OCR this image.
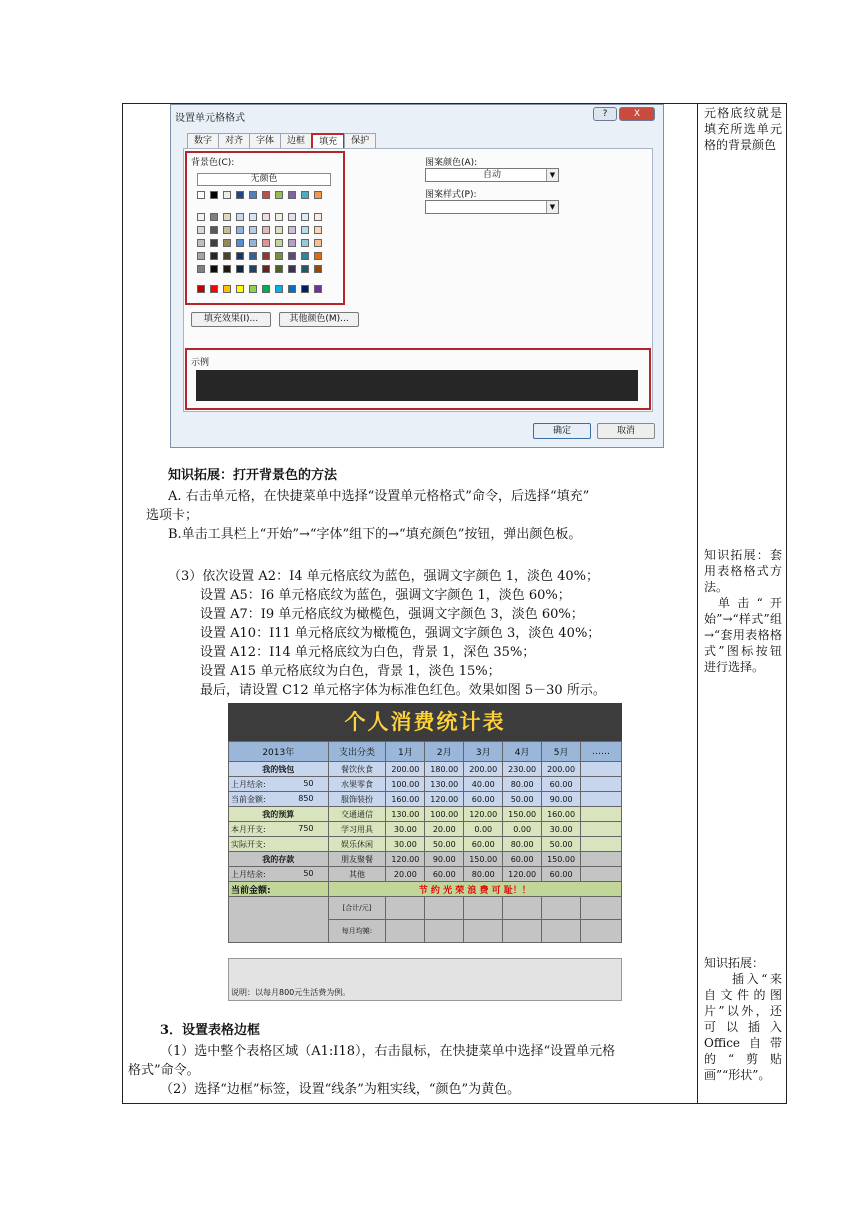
元格底纹就是填充所选单元格的背景颜色
知识拓展：套用表格格式方法。
单击“开始”→“样式”组→“套用表格格式”图标按钮进行选择。
知识拓展：
插入“来自文件的图片”以外，还可以插入Office自带的“剪贴画”“形状”。
设置单元格格式	?	X
数字	对齐	字体	边框	填充	保护
背景色(C):
无颜色
图案颜色(A):
自动	▼
图案样式(P):
▼
填充效果(I)...	其他颜色(M)...
示例
确定	取消
知识拓展：打开背景色的方法
A. 右击单元格，在快捷菜单中选择“设置单元格格式”命令，后选择“填充”
选项卡；
B.单击工具栏上“开始”→“字体”组下的→“填充颜色”按钮，弹出颜色板。
（3）依次设置 A2：I4 单元格底纹为蓝色，强调文字颜色 1，淡色 40%；
设置 A5：I6 单元格底纹为蓝色，强调文字颜色 1，淡色 60%；
设置 A7：I9 单元格底纹为橄榄色，强调文字颜色 3，淡色 60%；
设置 A10：I11 单元格底纹为橄榄色，强调文字颜色 3，淡色 40%；
设置 A12：I14 单元格底纹为白色，背景 1，深色 35%；
设置 A15 单元格底纹为白色，背景 1，淡色 15%；
最后，请设置 C12 单元格字体为标准色红色。效果如图 5－30 所示。
个人消费统计表
2013年	支出分类	1月	2月	3月	4月	5月	……
我的钱包	餐饮伙食	200.00	180.00	200.00	230.00	200.00	
上月结余: 50	水果零食	100.00	130.00	40.00	80.00	60.00	
当前金额: 850	服饰装扮	160.00	120.00	60.00	50.00	90.00	
我的预算	交通通信	130.00	100.00	120.00	150.00	160.00	
本月开支: 750	学习用具	30.00	20.00	0.00	0.00	30.00	
实际开支:	娱乐休闲	30.00	50.00	60.00	80.00	50.00	
我的存款	朋友聚餐	120.00	90.00	150.00	60.00	150.00	
上月结余: 50	其他	20.00	60.00	80.00	120.00	60.00	
当前金额:	节 约 光 荣 浪 费 可 耻！！						
	[合计/元]						
	每月均摊:						
说明：以每月800元生活费为例。
3．设置表格边框
（1）选中整个表格区域（A1:I18），右击鼠标，在快捷菜单中选择“设置单元格
格式”命令。
（2）选择“边框”标签，设置“线条”为粗实线，“颜色”为黄色。
